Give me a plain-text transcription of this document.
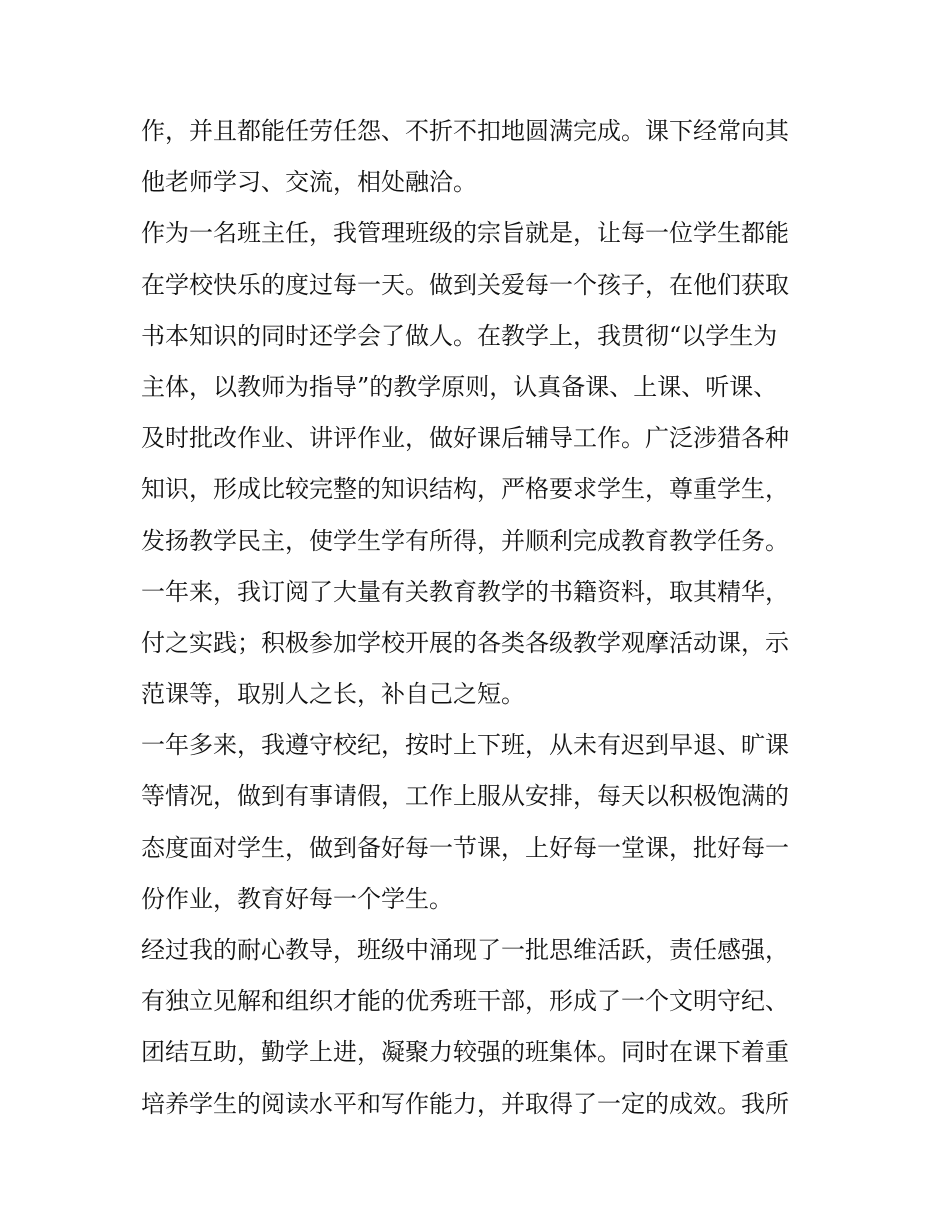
作，并且都能任劳任怨、不折不扣地圆满完成。课下经常向其
他老师学习、交流，相处融洽。
作为一名班主任，我管理班级的宗旨就是，让每一位学生都能
在学校快乐的度过每一天。做到关爱每一个孩子，在他们获取
书本知识的同时还学会了做人。在教学上，我贯彻“以学生为
主体，以教师为指导”的教学原则，认真备课、上课、听课、
及时批改作业、讲评作业，做好课后辅导工作。广泛涉猎各种
知识，形成比较完整的知识结构，严格要求学生，尊重学生，
发扬教学民主，使学生学有所得，并顺利完成教育教学任务。
一年来，我订阅了大量有关教育教学的书籍资料，取其精华，
付之实践；积极参加学校开展的各类各级教学观摩活动课，示
范课等，取别人之长，补自己之短。
一年多来，我遵守校纪，按时上下班，从未有迟到早退、旷课
等情况，做到有事请假，工作上服从安排，每天以积极饱满的
态度面对学生，做到备好每一节课，上好每一堂课，批好每一
份作业，教育好每一个学生。
经过我的耐心教导，班级中涌现了一批思维活跃，责任感强，
有独立见解和组织才能的优秀班干部，形成了一个文明守纪、
团结互助，勤学上进，凝聚力较强的班集体。同时在课下着重
培养学生的阅读水平和写作能力，并取得了一定的成效。我所
